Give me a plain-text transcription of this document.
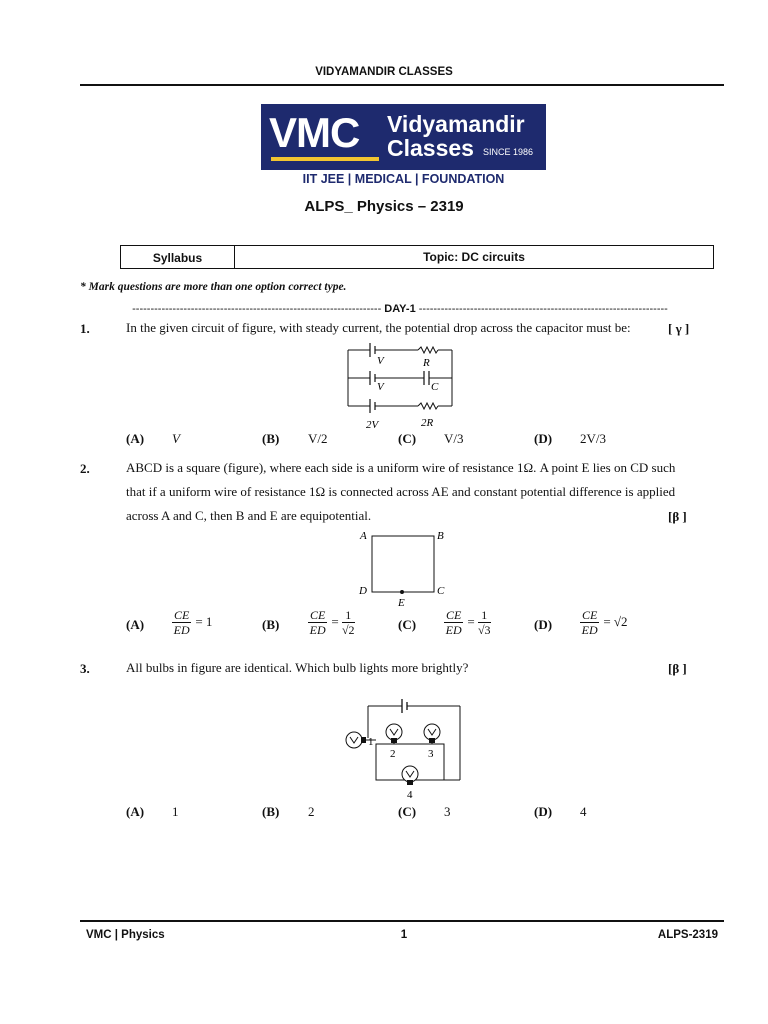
VIDYAMANDIR CLASSES
VMC Vidyamandir
Classes SINCE 1986
IIT JEE | MEDICAL | FOUNDATION
ALPS_ Physics – 2319
Syllabus	Topic: DC circuits
* Mark questions are more than one option correct type.
-------------------------------------------------------------------- DAY-1 --------------------------------------------------------------------
1.	In the given circuit of figure, with steady current, the potential drop across the capacitor must be:	[ γ ]
V	R
V	C
2V	2R
(A) V	(B) V/2	(C) V/3	(D) 2V/3
2.	ABCD is a square (figure), where each side is a uniform wire of resistance 1Ω. A point E lies on CD such
that if a uniform wire of resistance 1Ω is connected across AE and constant potential difference is applied
across A and C, then B and E are equipotential.	[β ]
A	B
D	C
E
$(A) \frac{CE}{ED} = 1$	$(B) \frac{CE}{ED} = \frac{1}{√2}$	$(C) \frac{CE}{ED} = \frac{1}{√3}$	$(D) \frac{CE}{ED} = √2$
3.	All bulbs in figure are identical. Which bulb lights more brightly?	[β ]
1
2	3
4
(A) 1	(B) 2	(C) 3	(D) 4
VMC | Physics	1	ALPS-2319
